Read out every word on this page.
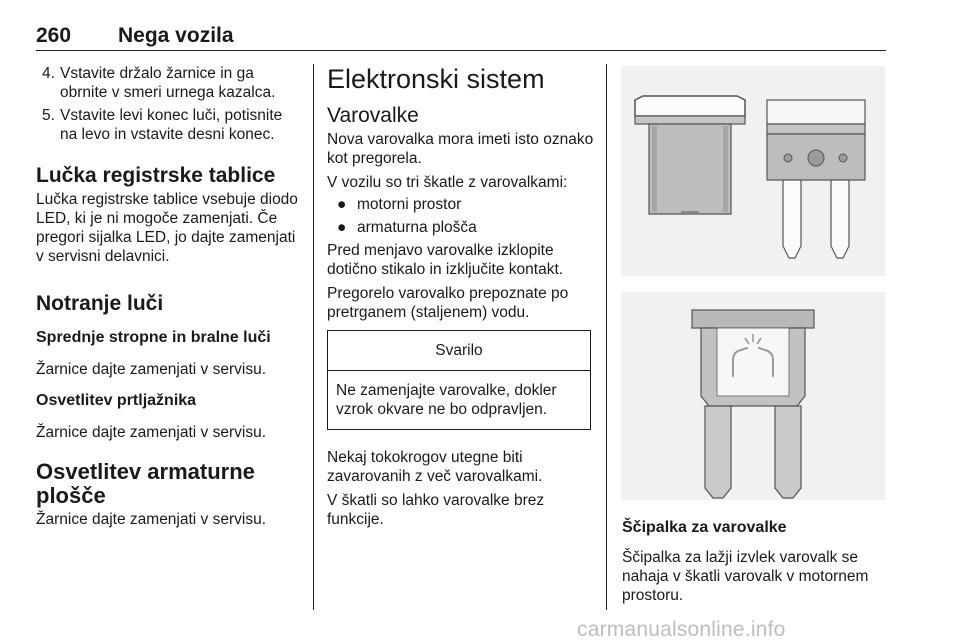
260 Nega vozila
4. Vstavite držalo žarnice in ga obrnite v smeri urnega kazalca.
5. Vstavite levi konec luči, potisnite na levo in vstavite desni konec.
Lučka registrske tablice

Lučka registrske tablice vsebuje diodo LED, ki je ni mogoče zamenjati. Če pregori sijalka LED, jo dajte zamenjati v servisni delavnici.

Notranje luči
Sprednje stropne in bralne luči

Žarnice dajte zamenjati v servisu.

Osvetlitev prtljažnika

Žarnice dajte zamenjati v servisu.

Osvetlitev armaturne plošče

Žarnice dajte zamenjati v servisu.

Elektronski sistem
Varovalke

Nova varovalka mora imeti isto oznako kot pregorela.

V vozilu so tri škatle z varovalkami:

● motorni prostor
● armaturna plošča

Pred menjavo varovalke izklopite dotično stikalo in izključite kontakt.

Pregorelo varovalko prepoznate po pretrganem (staljenem) vodu.

Svarilo
Ne zamenjajte varovalke, dokler vzrok okvare ne bo odpravljen.

Nekaj tokokrogov utegne biti zavarovanih z več varovalkami.

V škatli so lahko varovalke brez funkcije.	Ščipalka za varovalke

Ščipalka za lažji izvlek varovalk se nahaja v škatli varovalk v motornem prostoru.

carmanualsonline.info
